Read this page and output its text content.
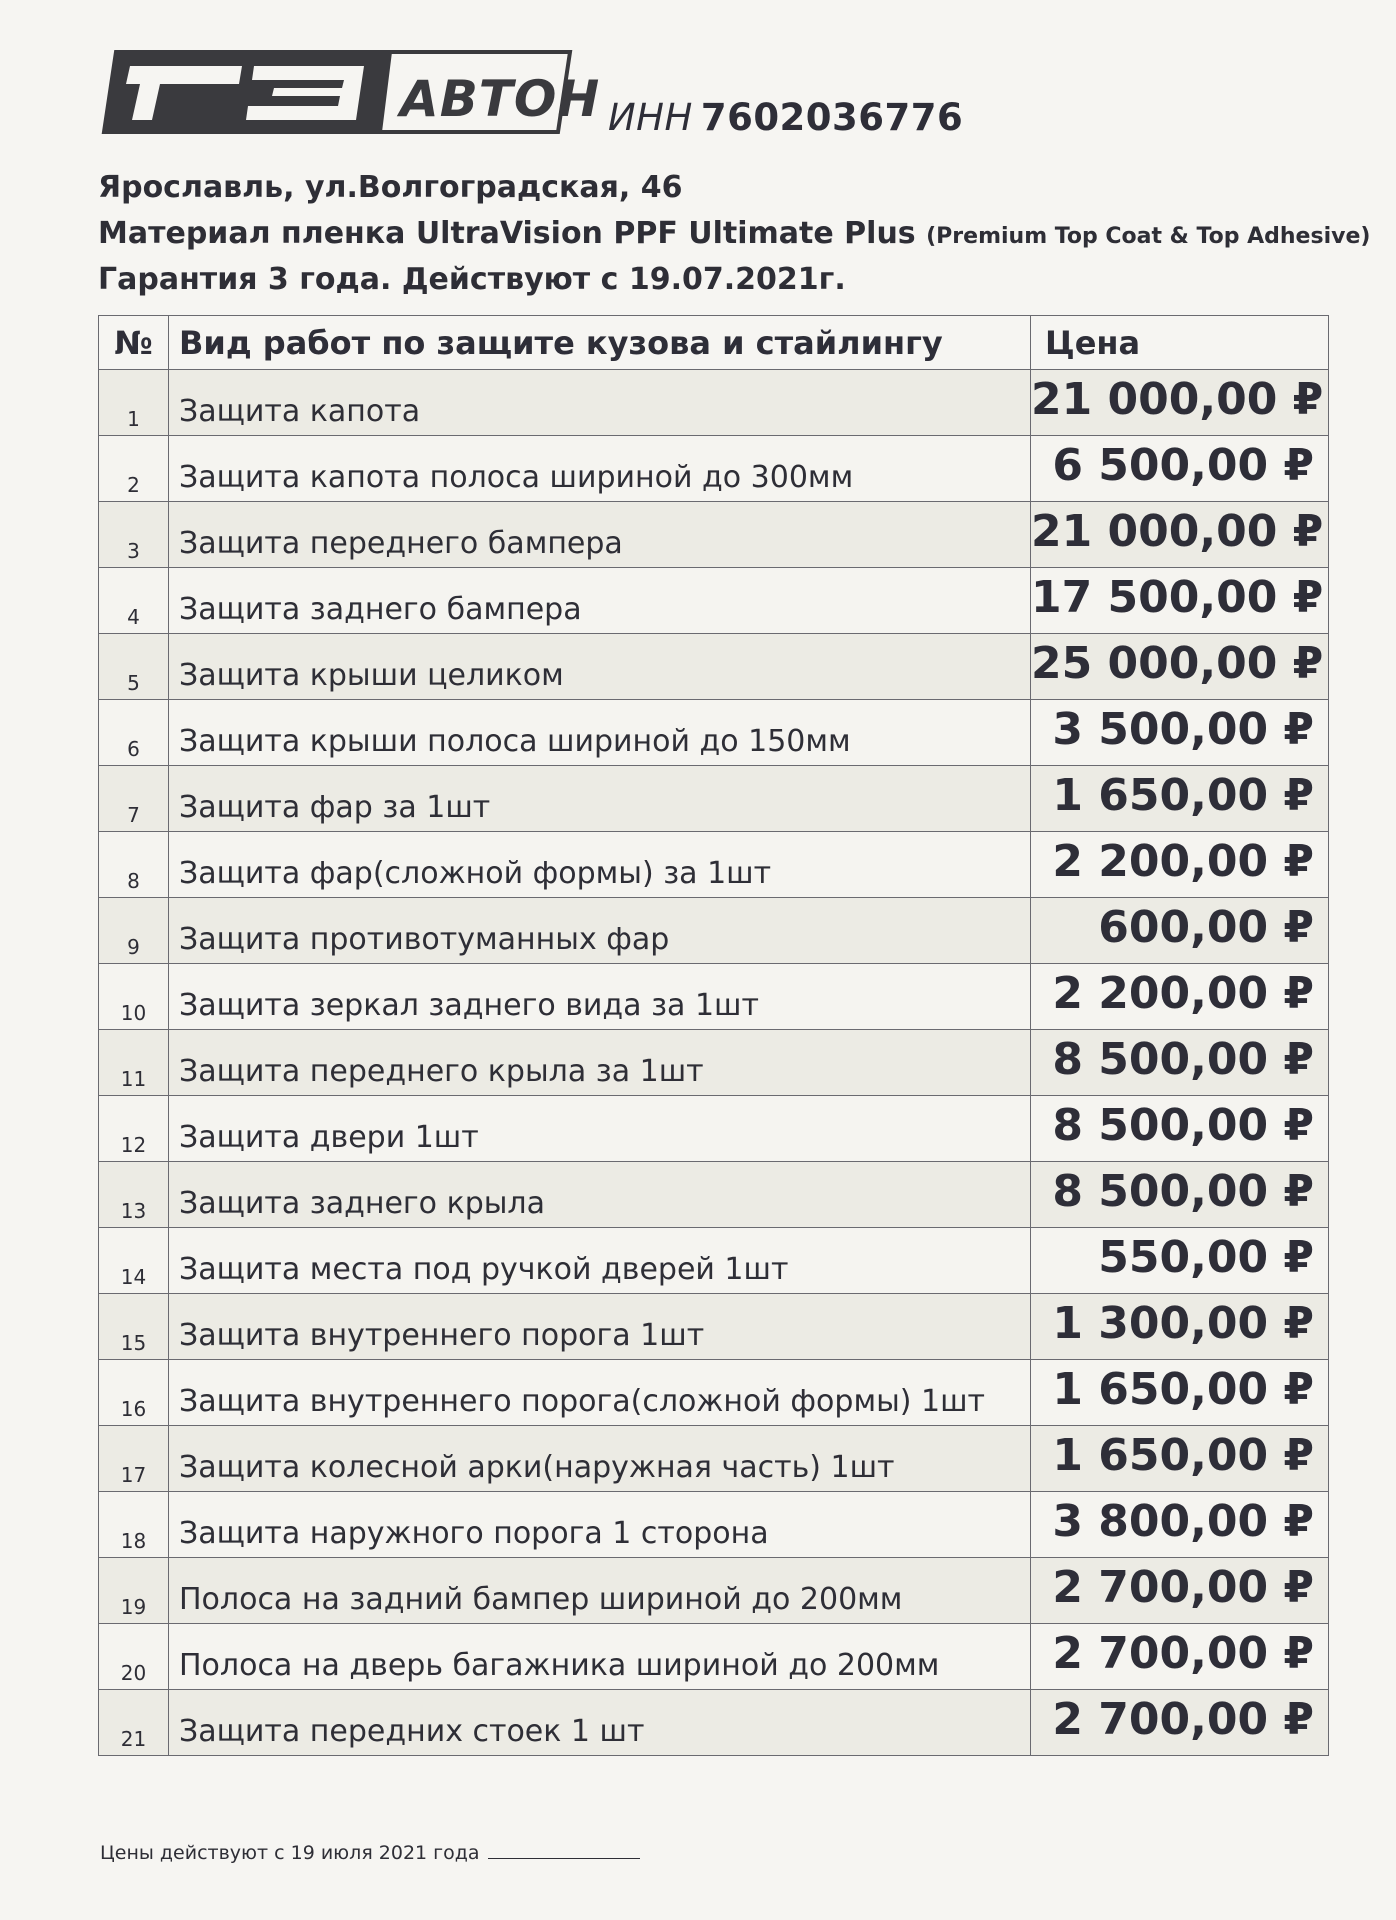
АВТОН ИНН 7602036776
Ярославль, ул.Волгоградская, 46
Материал пленка UltraVision PPF Ultimate Plus (Premium Top Coat & Top Adhesive)
Гарантия 3 года. Действуют с 19.07.2021г.
№	Вид работ по защите кузова и стайлингу	Цена
1	Защита капота	21 000,00 ₽
2	Защита капота полоса шириной до 300мм	6 500,00 ₽
3	Защита переднего бампера	21 000,00 ₽
4	Защита заднего бампера	17 500,00 ₽
5	Защита крыши целиком	25 000,00 ₽
6	Защита крыши полоса шириной до 150мм	3 500,00 ₽
7	Защита фар за 1шт	1 650,00 ₽
8	Защита фар(сложной формы) за 1шт	2 200,00 ₽
9	Защита противотуманных фар	600,00 ₽
10	Защита зеркал заднего вида за 1шт	2 200,00 ₽
11	Защита переднего крыла за 1шт	8 500,00 ₽
12	Защита двери 1шт	8 500,00 ₽
13	Защита заднего крыла	8 500,00 ₽
14	Защита места под ручкой дверей 1шт	550,00 ₽
15	Защита внутреннего порога 1шт	1 300,00 ₽
16	Защита внутреннего порога(сложной формы) 1шт	1 650,00 ₽
17	Защита колесной арки(наружная часть) 1шт	1 650,00 ₽
18	Защита наружного порога 1 сторона	3 800,00 ₽
19	Полоса на задний бампер шириной до 200мм	2 700,00 ₽
20	Полоса на дверь багажника шириной до 200мм	2 700,00 ₽
21	Защита передних стоек 1 шт	2 700,00 ₽
Цены действуют с 19 июля 2021 года
